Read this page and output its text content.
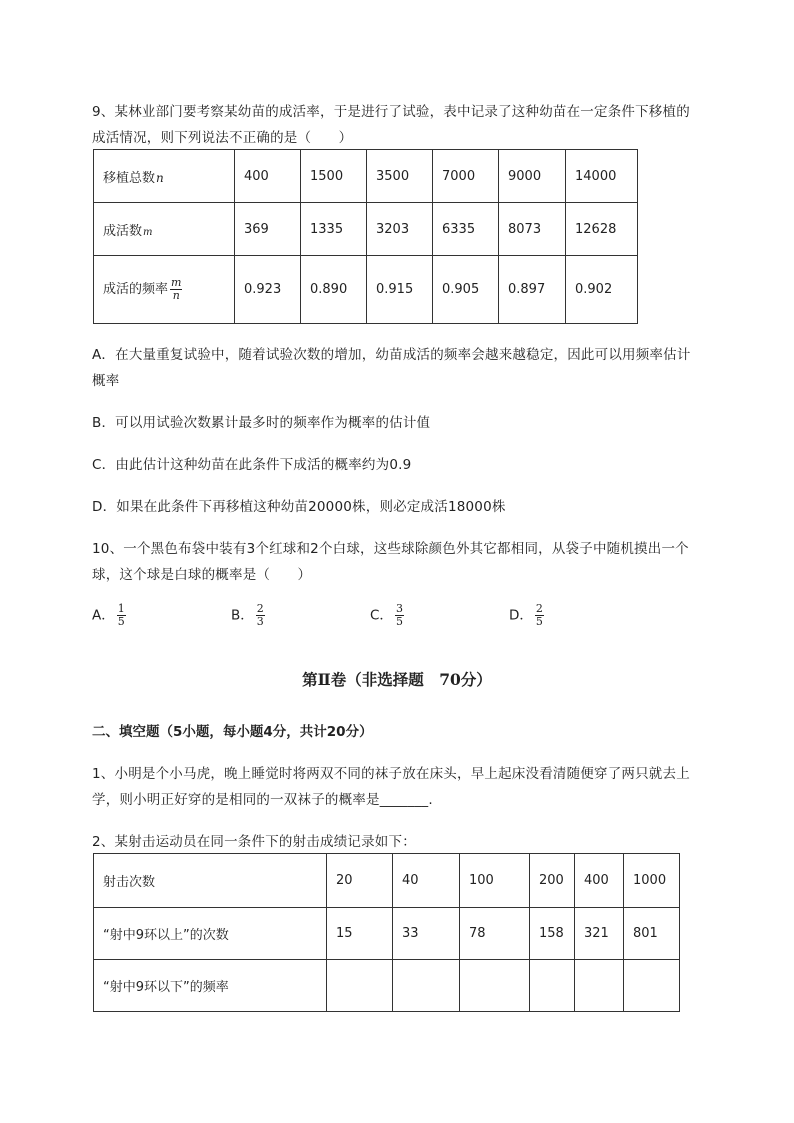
9、某林业部门要考察某幼苗的成活率，于是进行了试验，表中记录了这种幼苗在一定条件下移植的
成活情况，则下列说法不正确的是（　　）
移植总数n	400	1500	3500	7000	9000	14000
成活数m	369	1335	3203	6335	8073	12628
成活的频率 $\frac{m}{n}$	0.923	0.890	0.915	0.905	0.897	0.902
A．在大量重复试验中，随着试验次数的增加，幼苗成活的频率会越来越稳定，因此可以用频率估计
概率
B．可以用试验次数累计最多时的频率作为概率的估计值
C．由此估计这种幼苗在此条件下成活的概率约为0.9
D．如果在此条件下再移植这种幼苗20000株，则必定成活18000株
10、一个黑色布袋中装有3个红球和2个白球，这些球除颜色外其它都相同，从袋子中随机摸出一个
球，这个球是白球的概率是（　　）
A． $\frac{1}{5}$	B． $\frac{2}{3}$	C． $\frac{3}{5}$	D． $\frac{2}{5}$
第Ⅱ卷（非选择题　70分）
二、填空题（5小题，每小题4分，共计20分）
1、小明是个小马虎，晚上睡觉时将两双不同的袜子放在床头，早上起床没看清随便穿了两只就去上
学，则小明正好穿的是相同的一双袜子的概率是_______.
2、某射击运动员在同一条件下的射击成绩记录如下：
射击次数	20	40	100	200	400	1000
“射中9环以上”的次数	15	33	78	158	321	801
“射中9环以下”的频率						
